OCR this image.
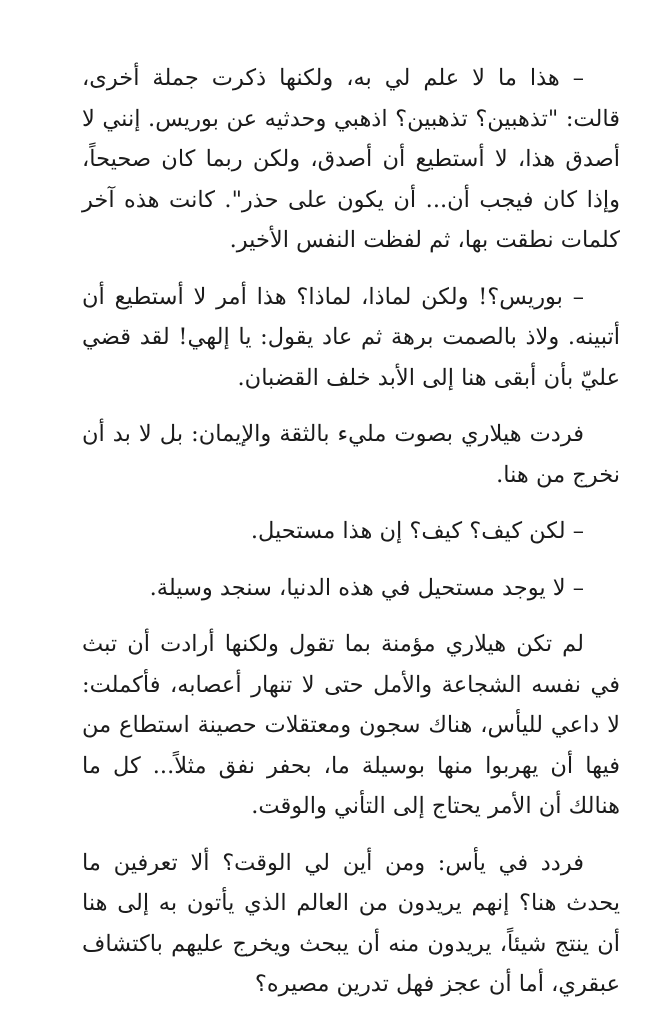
– هذا ما لا علم لي به، ولكنها ذكرت جملة أخرى، قالت: "تذهبين؟ تذهبين؟ اذهبي وحدثيه عن بوريس. إنني لا أصدق هذا، لا أستطيع أن أصدق، ولكن ربما كان صحيحاً، وإذا كان فيجب أن... أن يكون على حذر". كانت هذه آخر كلمات نطقت بها، ثم لفظت النفس الأخير.

– بوريس؟! ولكن لماذا، لماذا؟ هذا أمر لا أستطيع أن أتبينه. ولاذ بالصمت برهة ثم عاد يقول: يا إلهي! لقد قضي عليّ بأن أبقى هنا إلى الأبد خلف القضبان.

فردت هيلاري بصوت مليء بالثقة والإيمان: بل لا بد أن نخرج من هنا.

– لكن كيف؟ كيف؟ إن هذا مستحيل.

– لا يوجد مستحيل في هذه الدنيا، سنجد وسيلة.

لم تكن هيلاري مؤمنة بما تقول ولكنها أرادت أن تبث في نفسه الشجاعة والأمل حتى لا تنهار أعصابه، فأكملت: لا داعي لليأس، هناك سجون ومعتقلات حصينة استطاع من فيها أن يهربوا منها بوسيلة ما، بحفر نفق مثلاً... كل ما هنالك أن الأمر يحتاج إلى التأني والوقت.

فردد في يأس: ومن أين لي الوقت؟ ألا تعرفين ما يحدث هنا؟ إنهم يريدون من العالم الذي يأتون به إلى هنا أن ينتج شيئاً، يريدون منه أن يبحث ويخرج عليهم باكتشاف عبقري، أما أن عجز فهل تدرين مصيره؟
